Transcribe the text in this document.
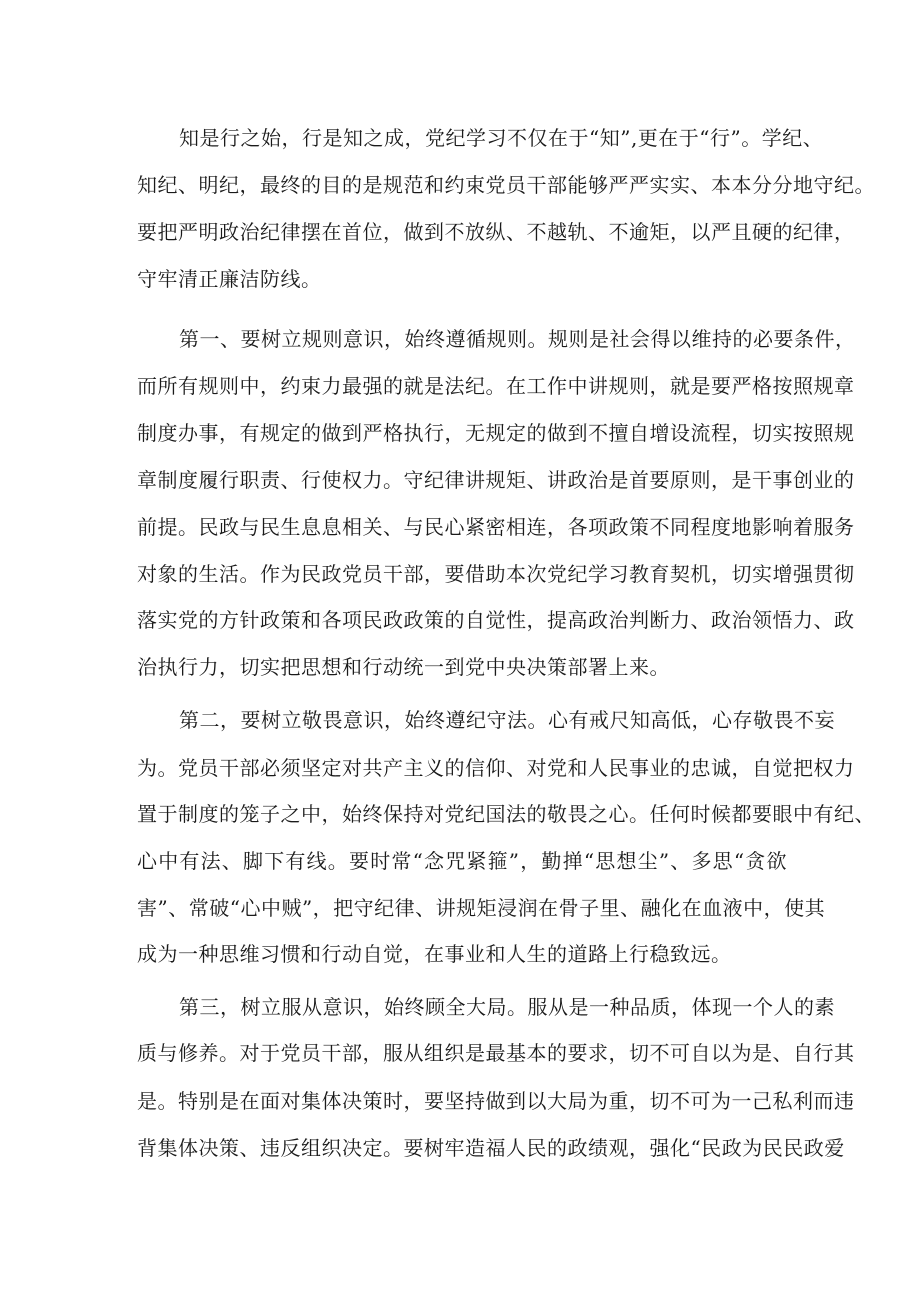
知是行之始，行是知之成，党纪学习不仅在于“知”,更在于“行”。学纪、
知纪、明纪，最终的目的是规范和约束党员干部能够严严实实、本本分分地守纪。
要把严明政治纪律摆在首位，做到不放纵、不越轨、不逾矩，以严且硬的纪律，
守牢清正廉洁防线。
第一、要树立规则意识，始终遵循规则。规则是社会得以维持的必要条件，
而所有规则中，约束力最强的就是法纪。在工作中讲规则，就是要严格按照规章
制度办事，有规定的做到严格执行，无规定的做到不擅自增设流程，切实按照规
章制度履行职责、行使权力。守纪律讲规矩、讲政治是首要原则，是干事创业的
前提。民政与民生息息相关、与民心紧密相连，各项政策不同程度地影响着服务
对象的生活。作为民政党员干部，要借助本次党纪学习教育契机，切实增强贯彻
落实党的方针政策和各项民政政策的自觉性，提高政治判断力、政治领悟力、政
治执行力，切实把思想和行动统一到党中央决策部署上来。
第二，要树立敬畏意识，始终遵纪守法。心有戒尺知高低，心存敬畏不妄
为。党员干部必须坚定对共产主义的信仰、对党和人民事业的忠诚，自觉把权力
置于制度的笼子之中，始终保持对党纪国法的敬畏之心。任何时候都要眼中有纪、
心中有法、脚下有线。要时常“念咒紧箍”，勤掸“思想尘”、多思“贪欲
害”、常破“心中贼”，把守纪律、讲规矩浸润在骨子里、融化在血液中，使其
成为一种思维习惯和行动自觉，在事业和人生的道路上行稳致远。
第三，树立服从意识，始终顾全大局。服从是一种品质，体现一个人的素
质与修养。对于党员干部，服从组织是最基本的要求，切不可自以为是、自行其
是。特别是在面对集体决策时，要坚持做到以大局为重，切不可为一己私利而违
背集体决策、违反组织决定。要树牢造福人民的政绩观，强化“民政为民民政爱
